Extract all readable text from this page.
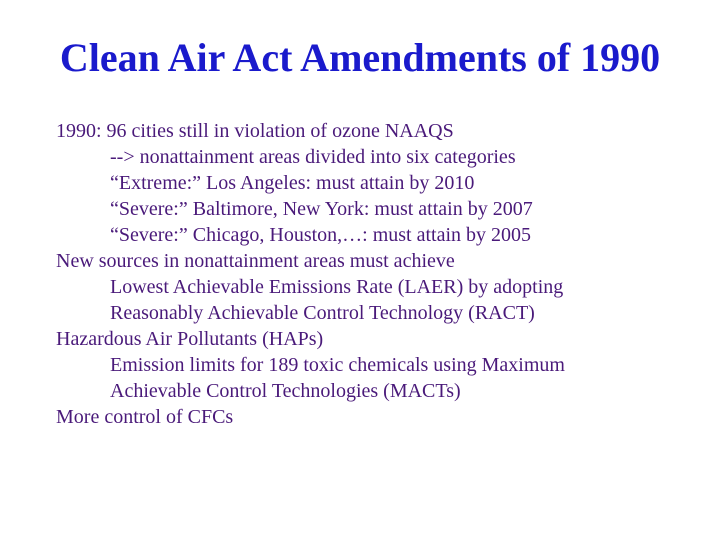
Clean Air Act Amendments of 1990
1990: 96 cities still in violation of ozone NAAQS
--> nonattainment areas divided into six categories
“Extreme:” Los Angeles: must attain by 2010
“Severe:” Baltimore, New York: must attain by 2007
“Severe:” Chicago, Houston,…: must attain by 2005
New sources in nonattainment areas must achieve
Lowest Achievable Emissions Rate (LAER) by adopting
Reasonably Achievable Control Technology (RACT)
Hazardous Air Pollutants (HAPs)
Emission limits for 189 toxic chemicals using Maximum
Achievable Control Technologies (MACTs)
More control of CFCs
